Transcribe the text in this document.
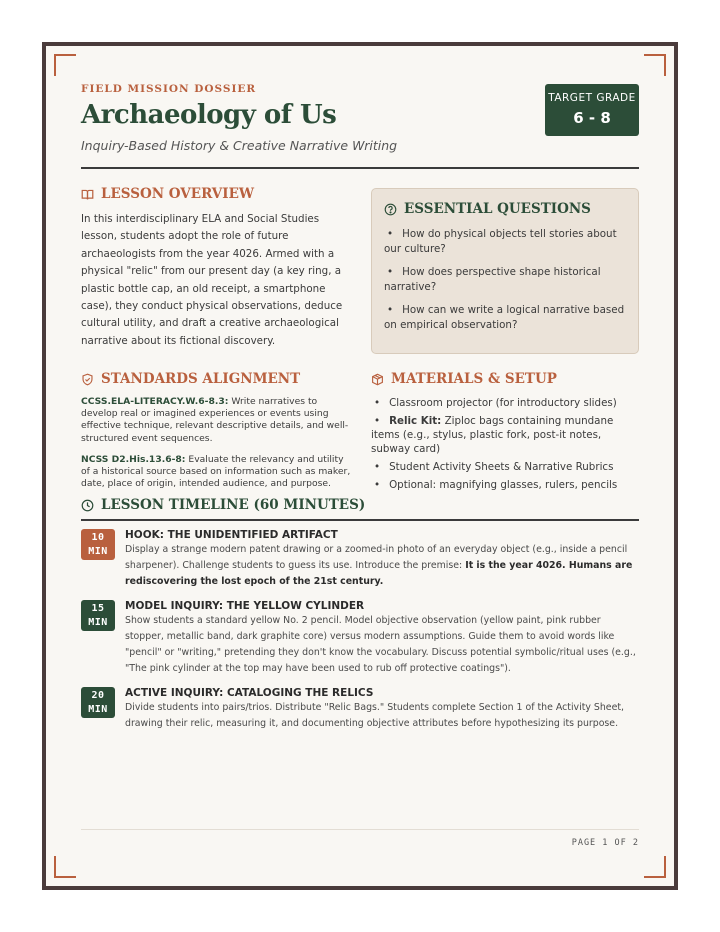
FIELD MISSION DOSSIER
Archaeology of Us
Inquiry-Based History & Creative Narrative Writing
TARGET GRADE
6 - 8
LESSON OVERVIEW

In this interdisciplinary ELA and Social Studies lesson, students adopt the role of future archaeologists from the year 4026. Armed with a physical "relic" from our present day (a key ring, a plastic bottle cap, an old receipt, a smartphone case), they conduct physical observations, deduce cultural utility, and draft a creative archaeological narrative about its fictional discovery.

ESSENTIAL QUESTIONS
• How do physical objects tell stories about our culture?
• How does perspective shape historical narrative?
• How can we write a logical narrative based on empirical observation?
STANDARDS ALIGNMENT
CCSS.ELA-LITERACY.W.6-8.3: Write narratives to develop real or imagined experiences or events using effective technique, relevant descriptive details, and well-structured event sequences.
NCSS D2.His.13.6-8: Evaluate the relevancy and utility of a historical source based on information such as maker, date, place of origin, intended audience, and purpose.
MATERIALS & SETUP
• Classroom projector (for introductory slides)
• Relic Kit: Ziploc bags containing mundane items (e.g., stylus, plastic fork, post-it notes, subway card)
• Student Activity Sheets & Narrative Rubrics
• Optional: magnifying glasses, rulers, pencils
LESSON TIMELINE (60 MINUTES)
10
MIN
HOOK: THE UNIDENTIFIED ARTIFACT

Display a strange modern patent drawing or a zoomed-in photo of an everyday object (e.g., inside a pencil sharpener). Challenge students to guess its use. Introduce the premise: It is the year 4026. Humans are rediscovering the lost epoch of the 21st century.

15
MIN
MODEL INQUIRY: THE YELLOW CYLINDER

Show students a standard yellow No. 2 pencil. Model objective observation (yellow paint, pink rubber stopper, metallic band, dark graphite core) versus modern assumptions. Guide them to avoid words like "pencil" or "writing," pretending they don't know the vocabulary. Discuss potential symbolic/ritual uses (e.g., "The pink cylinder at the top may have been used to rub off protective coatings").

20
MIN
ACTIVE INQUIRY: CATALOGING THE RELICS

Divide students into pairs/trios. Distribute "Relic Bags." Students complete Section 1 of the Activity Sheet, drawing their relic, measuring it, and documenting objective attributes before hypothesizing its purpose.

PAGE 1 OF 2
